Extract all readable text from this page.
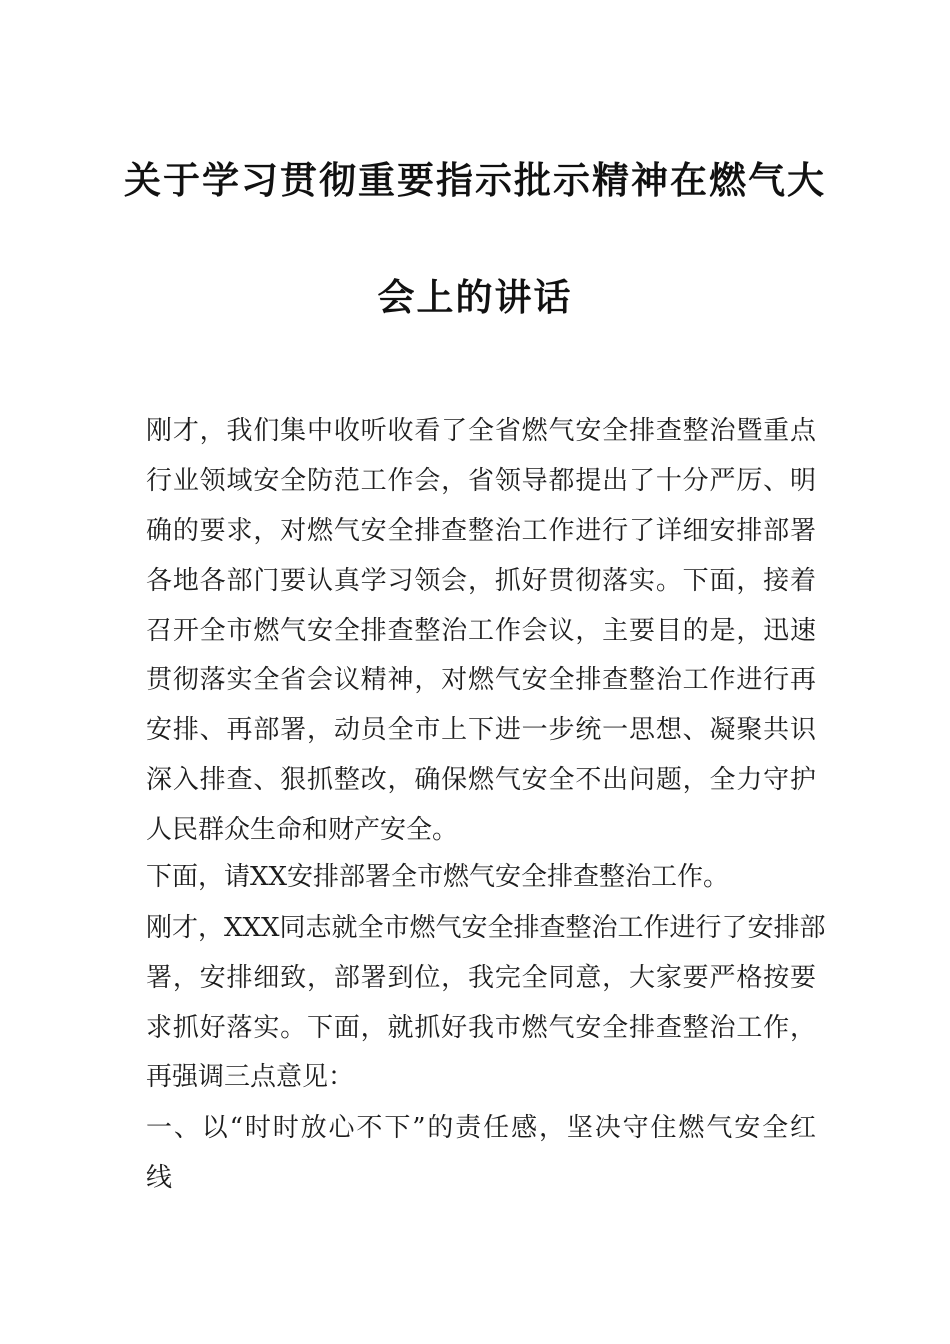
关于学习贯彻重要指示批示精神在燃气大
会上的讲话
刚才，我们集中收听收看了全省燃气安全排查整治暨重点
行业领域安全防范工作会，省领导都提出了十分严厉、明
确的要求，对燃气安全排查整治工作进行了详细安排部署
各地各部门要认真学习领会，抓好贯彻落实。下面，接着
召开全市燃气安全排查整治工作会议，主要目的是，迅速
贯彻落实全省会议精神，对燃气安全排查整治工作进行再
安排、再部署，动员全市上下进一步统一思想、凝聚共识
深入排查、狠抓整改，确保燃气安全不出问题，全力守护
人民群众生命和财产安全。
下面，请XX安排部署全市燃气安全排查整治工作。
刚才，XXX同志就全市燃气安全排查整治工作进行了安排部
署，安排细致，部署到位，我完全同意，大家要严格按要
求抓好落实。下面，就抓好我市燃气安全排查整治工作，
再强调三点意见：
一、以“时时放心不下”的责任感，坚决守住燃气安全红
线
